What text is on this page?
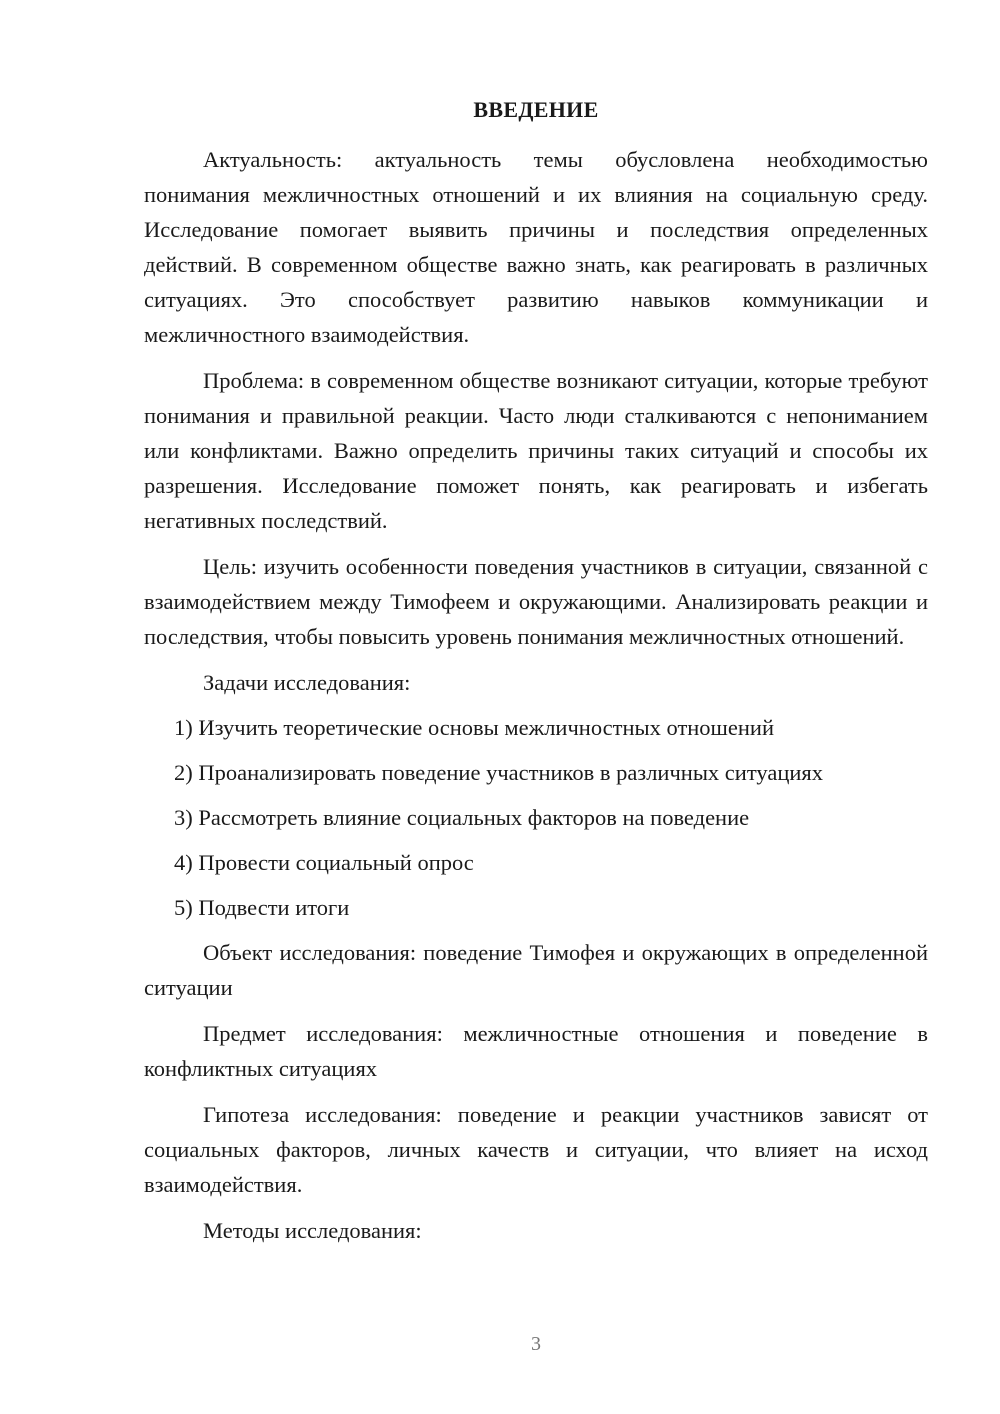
ВВЕДЕНИЕ

Актуальность: актуальность темы обусловлена необходимостью понимания межличностных отношений и их влияния на социальную среду. Исследование помогает выявить причины и последствия определенных действий. В современном обществе важно знать, как реагировать в различных ситуациях. Это способствует развитию навыков коммуникации и межличностного взаимодействия.

Проблема: в современном обществе возникают ситуации, которые требуют понимания и правильной реакции. Часто люди сталкиваются с непониманием или конфликтами. Важно определить причины таких ситуаций и способы их разрешения. Исследование поможет понять, как реагировать и избегать негативных последствий.

Цель: изучить особенности поведения участников в ситуации, связанной с взаимодействием между Тимофеем и окружающими. Анализировать реакции и последствия, чтобы повысить уровень понимания межличностных отношений.

Задачи исследования:
1) Изучить теоретические основы межличностных отношений
2) Проанализировать поведение участников в различных ситуациях
3) Рассмотреть влияние социальных факторов на поведение
4) Провести социальный опрос
5) Подвести итоги

Объект исследования: поведение Тимофея и окружающих в определенной ситуации

Предмет исследования: межличностные отношения и поведение в конфликтных ситуациях

Гипотеза исследования: поведение и реакции участников зависят от социальных факторов, личных качеств и ситуации, что влияет на исход взаимодействия.

Методы исследования:

3
